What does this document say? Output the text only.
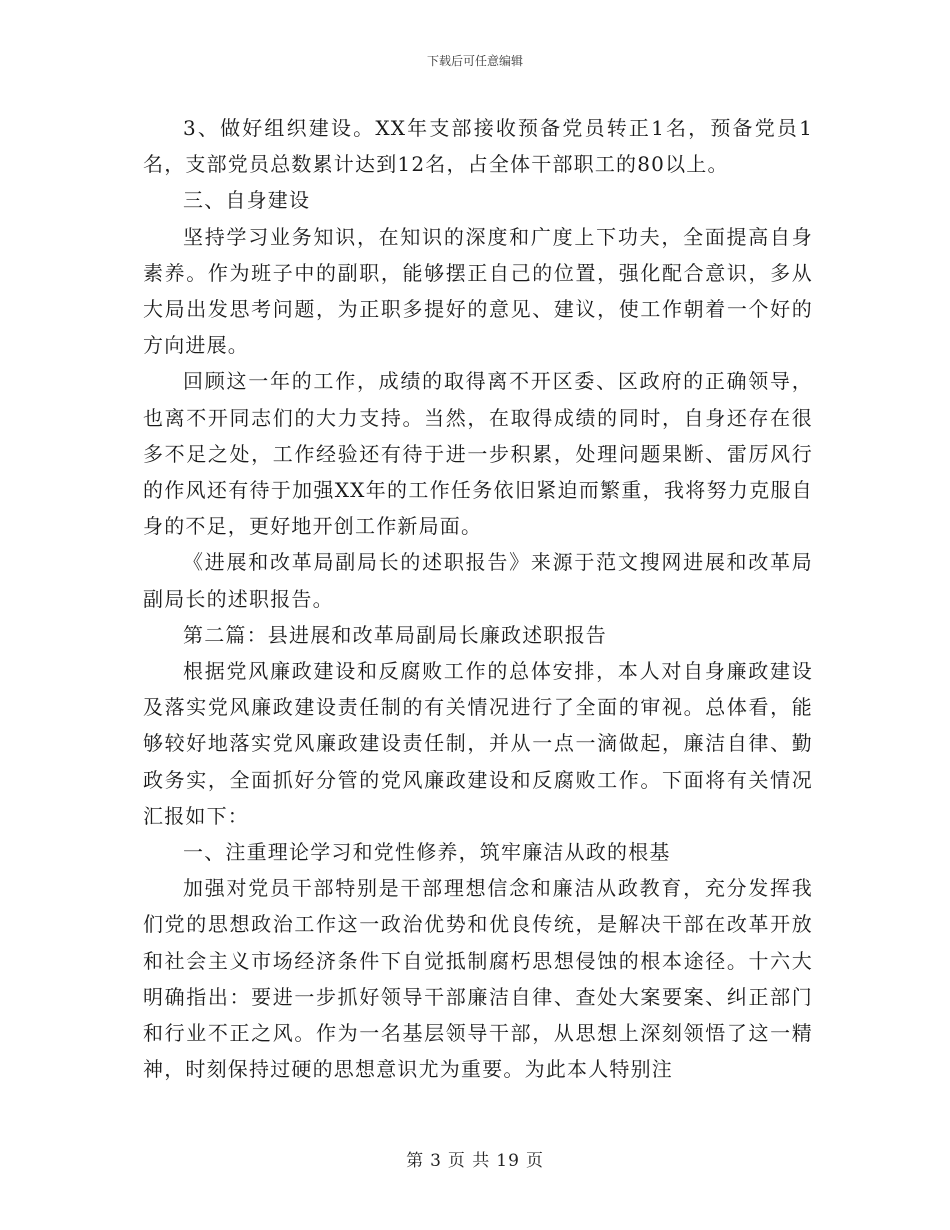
下载后可任意编辑

3、做好组织建设。XX年支部接收预备党员转正1名，预备党员1名，支部党员总数累计达到12名，占全体干部职工的80以上。

三、自身建设

坚持学习业务知识，在知识的深度和广度上下功夫，全面提高自身素养。作为班子中的副职，能够摆正自己的位置，强化配合意识，多从大局出发思考问题，为正职多提好的意见、建议，使工作朝着一个好的方向进展。

回顾这一年的工作，成绩的取得离不开区委、区政府的正确领导，也离不开同志们的大力支持。当然，在取得成绩的同时，自身还存在很多不足之处，工作经验还有待于进一步积累，处理问题果断、雷厉风行的作风还有待于加强XX年的工作任务依旧紧迫而繁重，我将努力克服自身的不足，更好地开创工作新局面。

《进展和改革局副局长的述职报告》来源于范文搜网进展和改革局副局长的述职报告。

第二篇：县进展和改革局副局长廉政述职报告

根据党风廉政建设和反腐败工作的总体安排，本人对自身廉政建设及落实党风廉政建设责任制的有关情况进行了全面的审视。总体看，能够较好地落实党风廉政建设责任制，并从一点一滴做起，廉洁自律、勤政务实，全面抓好分管的党风廉政建设和反腐败工作。下面将有关情况汇报如下：

一、注重理论学习和党性修养，筑牢廉洁从政的根基

加强对党员干部特别是干部理想信念和廉洁从政教育，充分发挥我们党的思想政治工作这一政治优势和优良传统，是解决干部在改革开放和社会主义市场经济条件下自觉抵制腐朽思想侵蚀的根本途径。十六大明确指出：要进一步抓好领导干部廉洁自律、查处大案要案、纠正部门和行业不正之风。作为一名基层领导干部，从思想上深刻领悟了这一精神，时刻保持过硬的思想意识尤为重要。为此本人特别注

第 3 页 共 19 页
